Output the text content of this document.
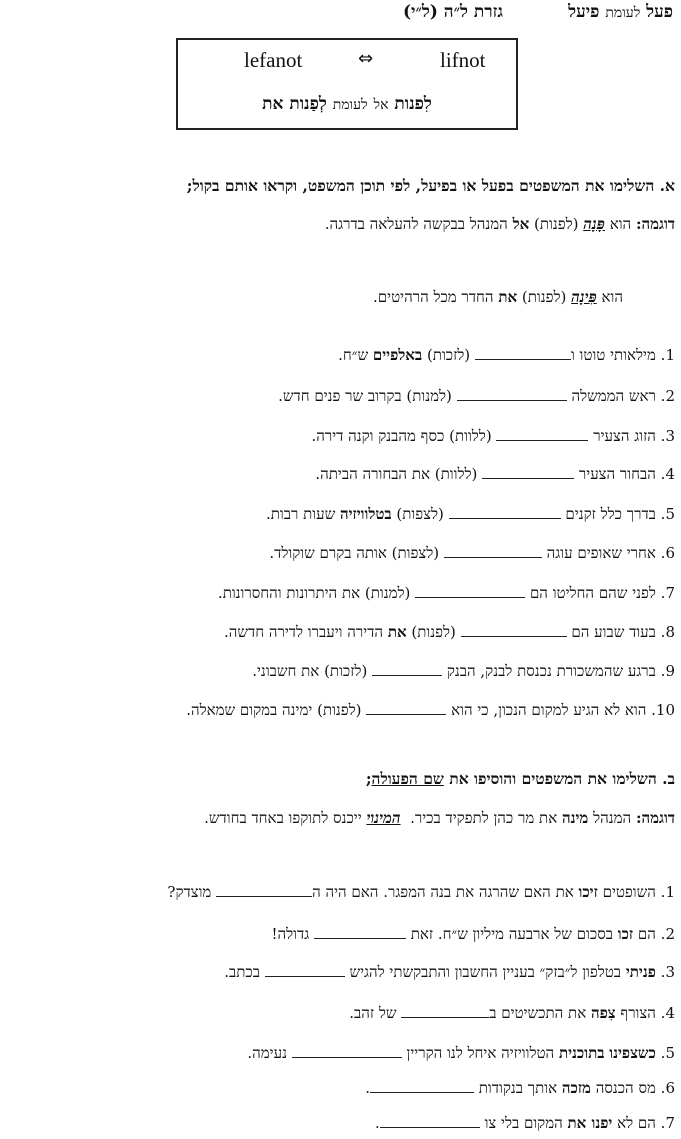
פעל לעומת פיעל
גזרת ל״ה (ל״י)
lefanot	⇔	lifnot
לִפנות אל לעומת לְפַנות את
א. השלימו את המשפטים בפעל או בפיעל, לפי תוכן המשפט, וקראו אותם בקול;
דוגמה: הוא פָּנָה (לפנות) אל המנהל בבקשה להעלאה בדרגה.
הוא פִּינָה (לפנות) את החדר מכל הרהיטים.
1. מילאותי טוטו ו (לזכות) באלפיים ש״ח.
2. ראש הממשלה  (למנות) בקרוב שר פנים חדש.
3. הזוג הצעיר  (ללוות) כסף מהבנק וקנה דירה.
4. הבחור הצעיר  (ללוות) את הבחורה הביתה.
5. בדרך כלל זקנים  (לצפות) בטלוויזיה שעות רבות.
6. אחרי שאופים עוגה  (לצפות) אותה בקרם שוקולד.
7. לפני שהם החליטו הם  (למנות) את היתרונות והחסרונות.
8. בעוד שבוע הם  (לפנות) את הדירה ויעברו לדירה חדשה.
9. ברגע שהמשכורת נכנסת לבנק, הבנק  (לזכות) את חשבוני.
10. הוא לא הגיע למקום הנכון, כי הוא  (לפנות) ימינה במקום שמאלה.
ב. השלימו את המשפטים והוסיפו את שם הפעולה;
דוגמה: המנהל מינה את מר כהן לתפקיד בכיר.  המינוי ייכנס לתוקפו באחד בחודש.
1. השופטים זיכו את האם שהרגה את בנה המפגר. האם היה ה מוצדק?
2. הם זכו בסכום של ארבעה מיליון ש״ח. זאת  גדולה!
3. פניתי בטלפון ל״בזק״ בעניין החשבון והתבקשתי להגיש  בכתב.
4. הצורף צִפה את התכשיטים ב של זהב.
5. כשצפינו בתוכנית הטלוויזיה איחל לנו הקריין  נעימה.
6. מס הכנסה מזכה אותך בנקודות .
7. הם לא יפנו את המקום בלי צו .
